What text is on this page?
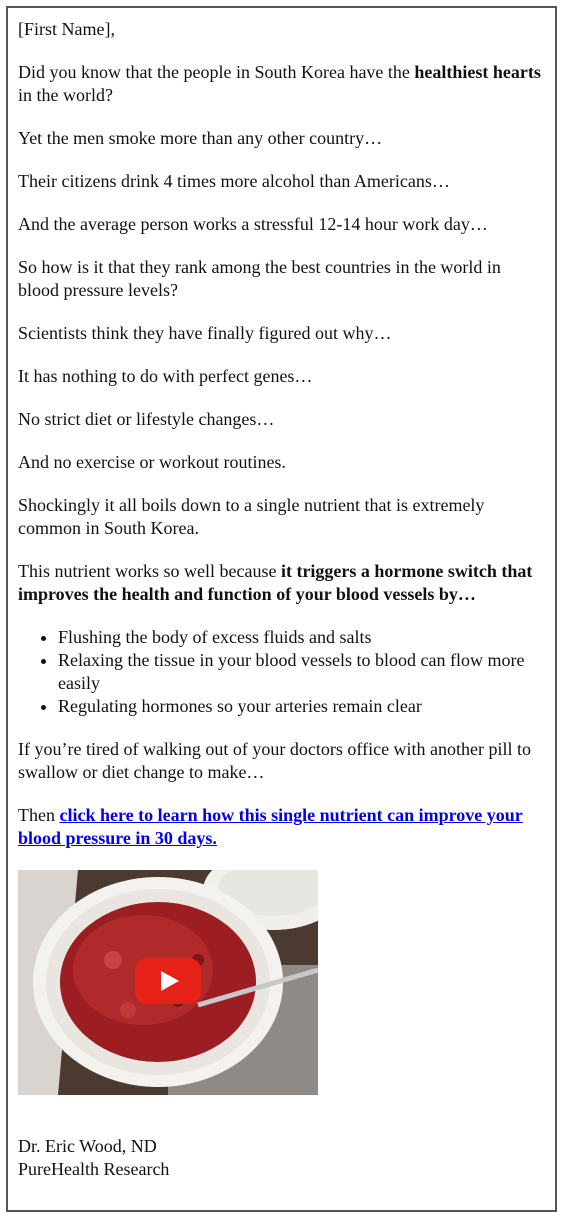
[First Name],

Did you know that the people in South Korea have the healthiest hearts in the world?

Yet the men smoke more than any other country…

Their citizens drink 4 times more alcohol than Americans…

And the average person works a stressful 12-14 hour work day…

So how is it that they rank among the best countries in the world in blood pressure levels?

Scientists think they have finally figured out why…

It has nothing to do with perfect genes…

No strict diet or lifestyle changes…

And no exercise or workout routines.

Shockingly it all boils down to a single nutrient that is extremely common in South Korea.

This nutrient works so well because it triggers a hormone switch that improves the health and function of your blood vessels by…

• Flushing the body of excess fluids and salts
• Relaxing the tissue in your blood vessels to blood can flow more easily
• Regulating hormones so your arteries remain clear

If you’re tired of walking out of your doctors office with another pill to swallow or diet change to make…

Then click here to learn how this single nutrient can improve your blood pressure in 30 days.

Dr. Eric Wood, ND

PureHealth Research
